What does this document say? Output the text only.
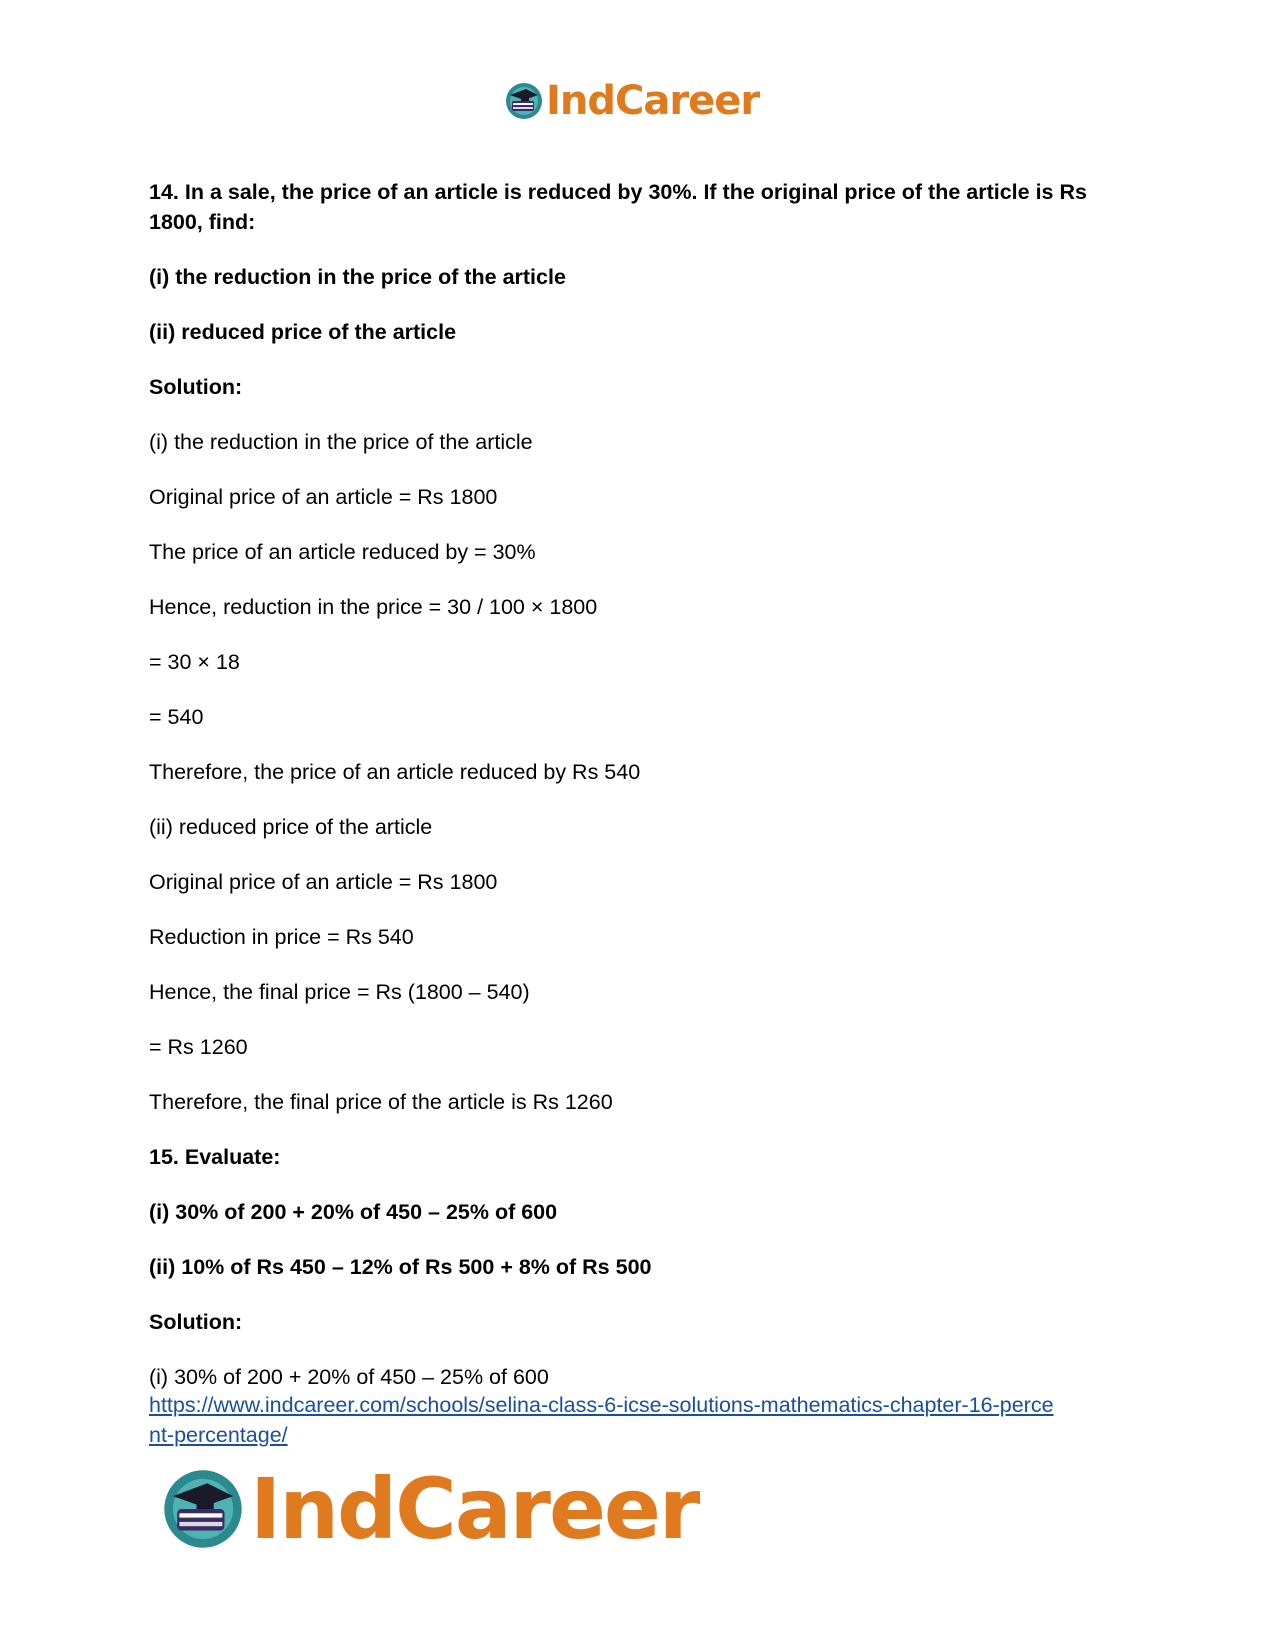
IndCareer

14. In a sale, the price of an article is reduced by 30%. If the original price of the article is Rs 1800, find:

(i) the reduction in the price of the article

(ii) reduced price of the article

Solution:

(i) the reduction in the price of the article

Original price of an article = Rs 1800

The price of an article reduced by = 30%

Hence, reduction in the price = 30 / 100 × 1800

= 30 × 18

= 540

Therefore, the price of an article reduced by Rs 540

(ii) reduced price of the article

Original price of an article = Rs 1800

Reduction in price = Rs 540

Hence, the final price = Rs (1800 – 540)

= Rs 1260

Therefore, the final price of the article is Rs 1260

15. Evaluate:

(i) 30% of 200 + 20% of 450 – 25% of 600

(ii) 10% of Rs 450 – 12% of Rs 500 + 8% of Rs 500

Solution:

(i) 30% of 200 + 20% of 450 – 25% of 600

https://www.indcareer.com/schools/selina-class-6-icse-solutions-mathematics-chapter-16-perce
nt-percentage/
IndCareer
